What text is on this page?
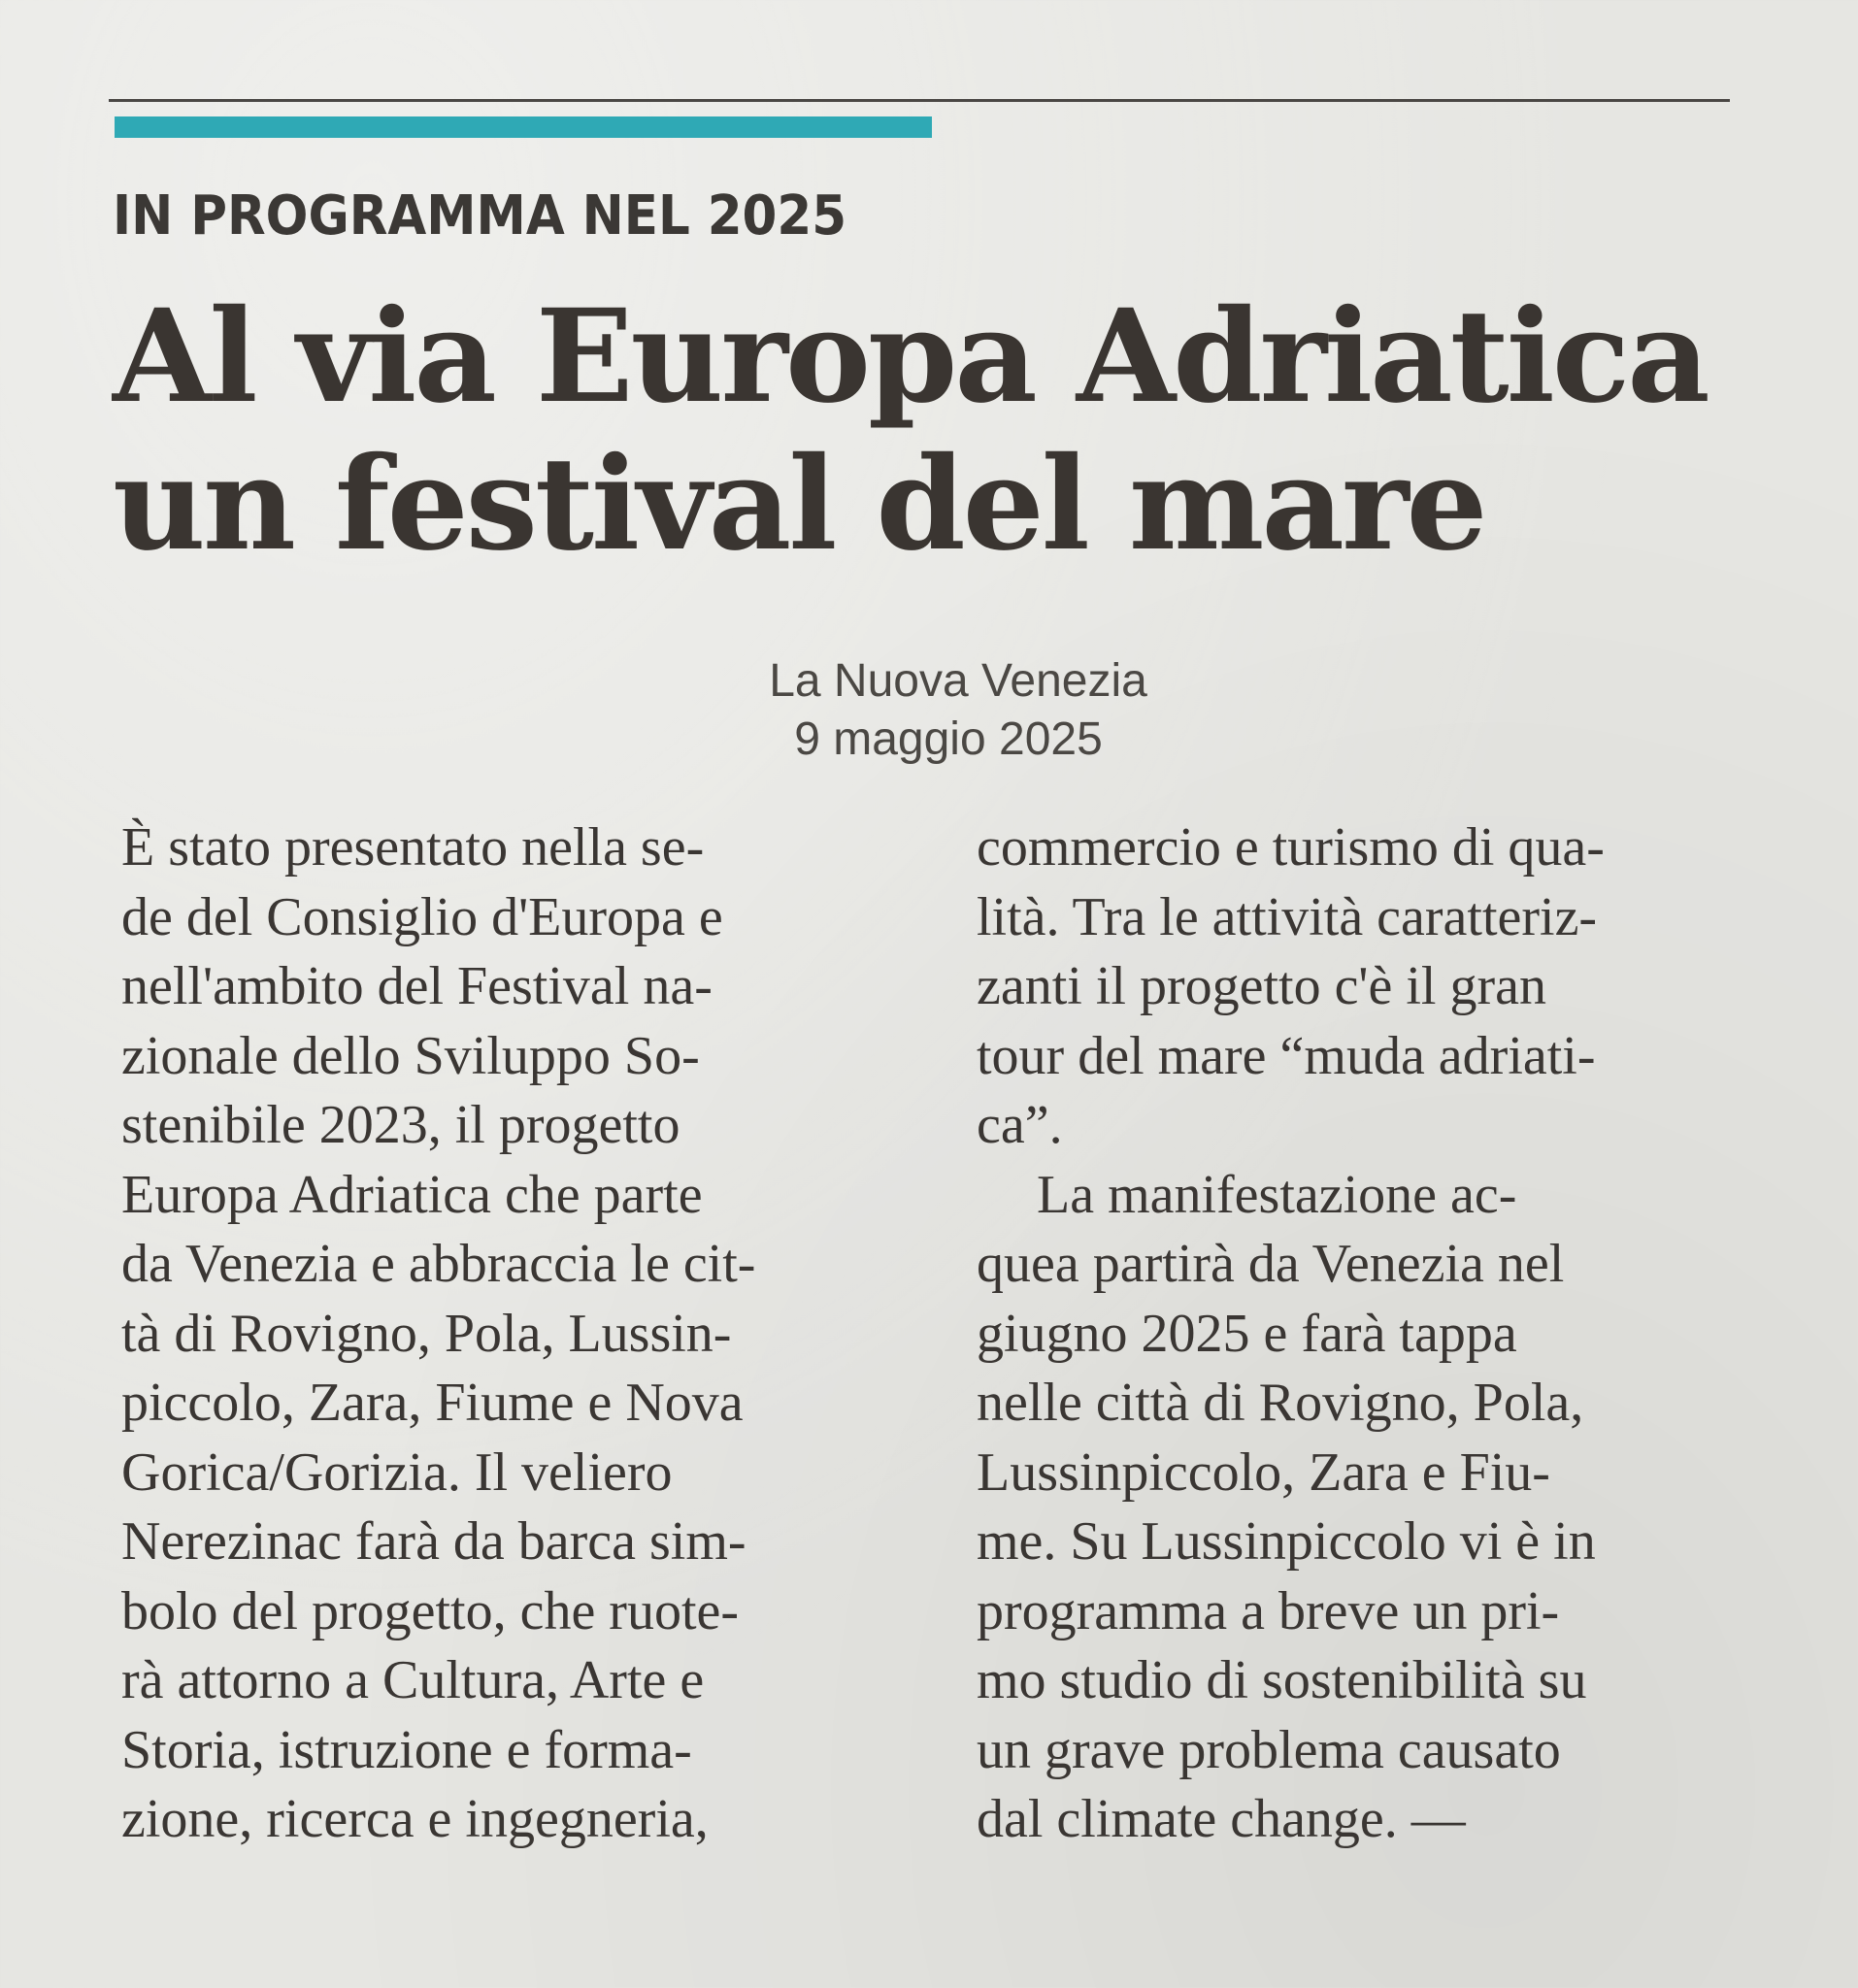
IN PROGRAMMA NEL 2025
Al via Europa Adriatica
un festival del mare
La Nuova Venezia
9 maggio 2025
È stato presentato nella se-
de del Consiglio d'Europa e
nell'ambito del Festival na-
zionale dello Sviluppo So-
stenibile 2023, il progetto
Europa Adriatica che parte
da Venezia e abbraccia le cit-
tà di Rovigno, Pola, Lussin-
piccolo, Zara, Fiume e Nova
Gorica/Gorizia. Il veliero
Nerezinac farà da barca sim-
bolo del progetto, che ruote-
rà attorno a Cultura, Arte e
Storia, istruzione e forma-
zione, ricerca e ingegneria,
commercio e turismo di qua-
lità. Tra le attività caratteriz-
zanti il progetto c'è il gran
tour del mare “muda adriati-
ca”.
La manifestazione ac-
quea partirà da Venezia nel
giugno 2025 e farà tappa
nelle città di Rovigno, Pola,
Lussinpiccolo, Zara e Fiu-
me. Su Lussinpiccolo vi è in
programma a breve un pri-
mo studio di sostenibilità su
un grave problema causato
dal climate change. —
